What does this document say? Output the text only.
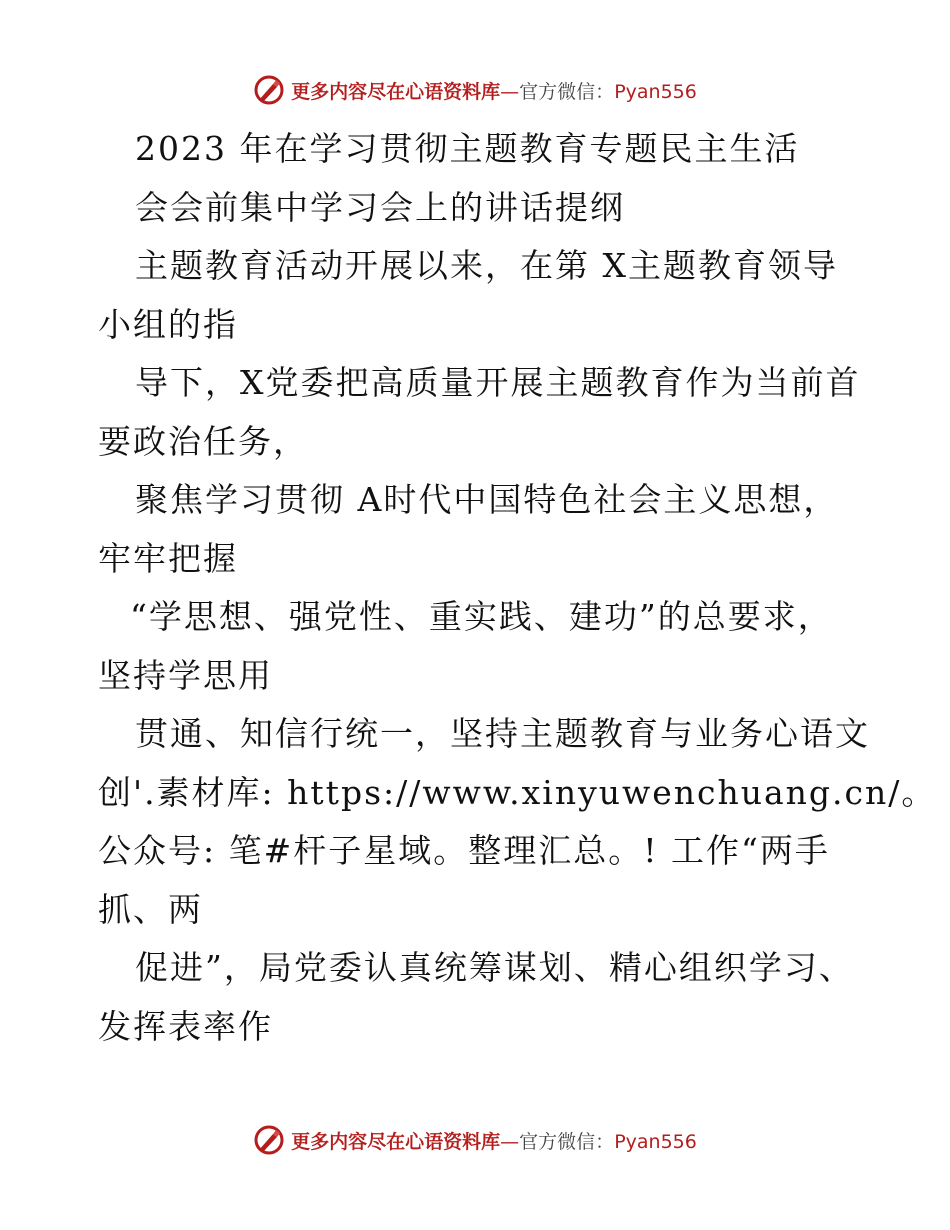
更多内容尽在心语资料库—官方微信：Pyan556
2023 年在学习贯彻主题教育专题民主生活
会会前集中学习会上的讲话提纲
主题教育活动开展以来，在第 X主题教育领导
小组的指
导下，X党委把高质量开展主题教育作为当前首
要政治任务，
聚焦学习贯彻 A时代中国特色社会主义思想，
牢牢把握
“学思想、强党性、重实践、建功”的总要求，
坚持学思用
贯通、知信行统一，坚持主题教育与业务心语文
创'.素材库: https://www.xinyuwenchuang.cn/。
公众号: 笔#杆子星域。整理汇总。! 工作“两手
抓、两
促进”，局党委认真统筹谋划、精心组织学习、
发挥表率作
更多内容尽在心语资料库—官方微信：Pyan556
